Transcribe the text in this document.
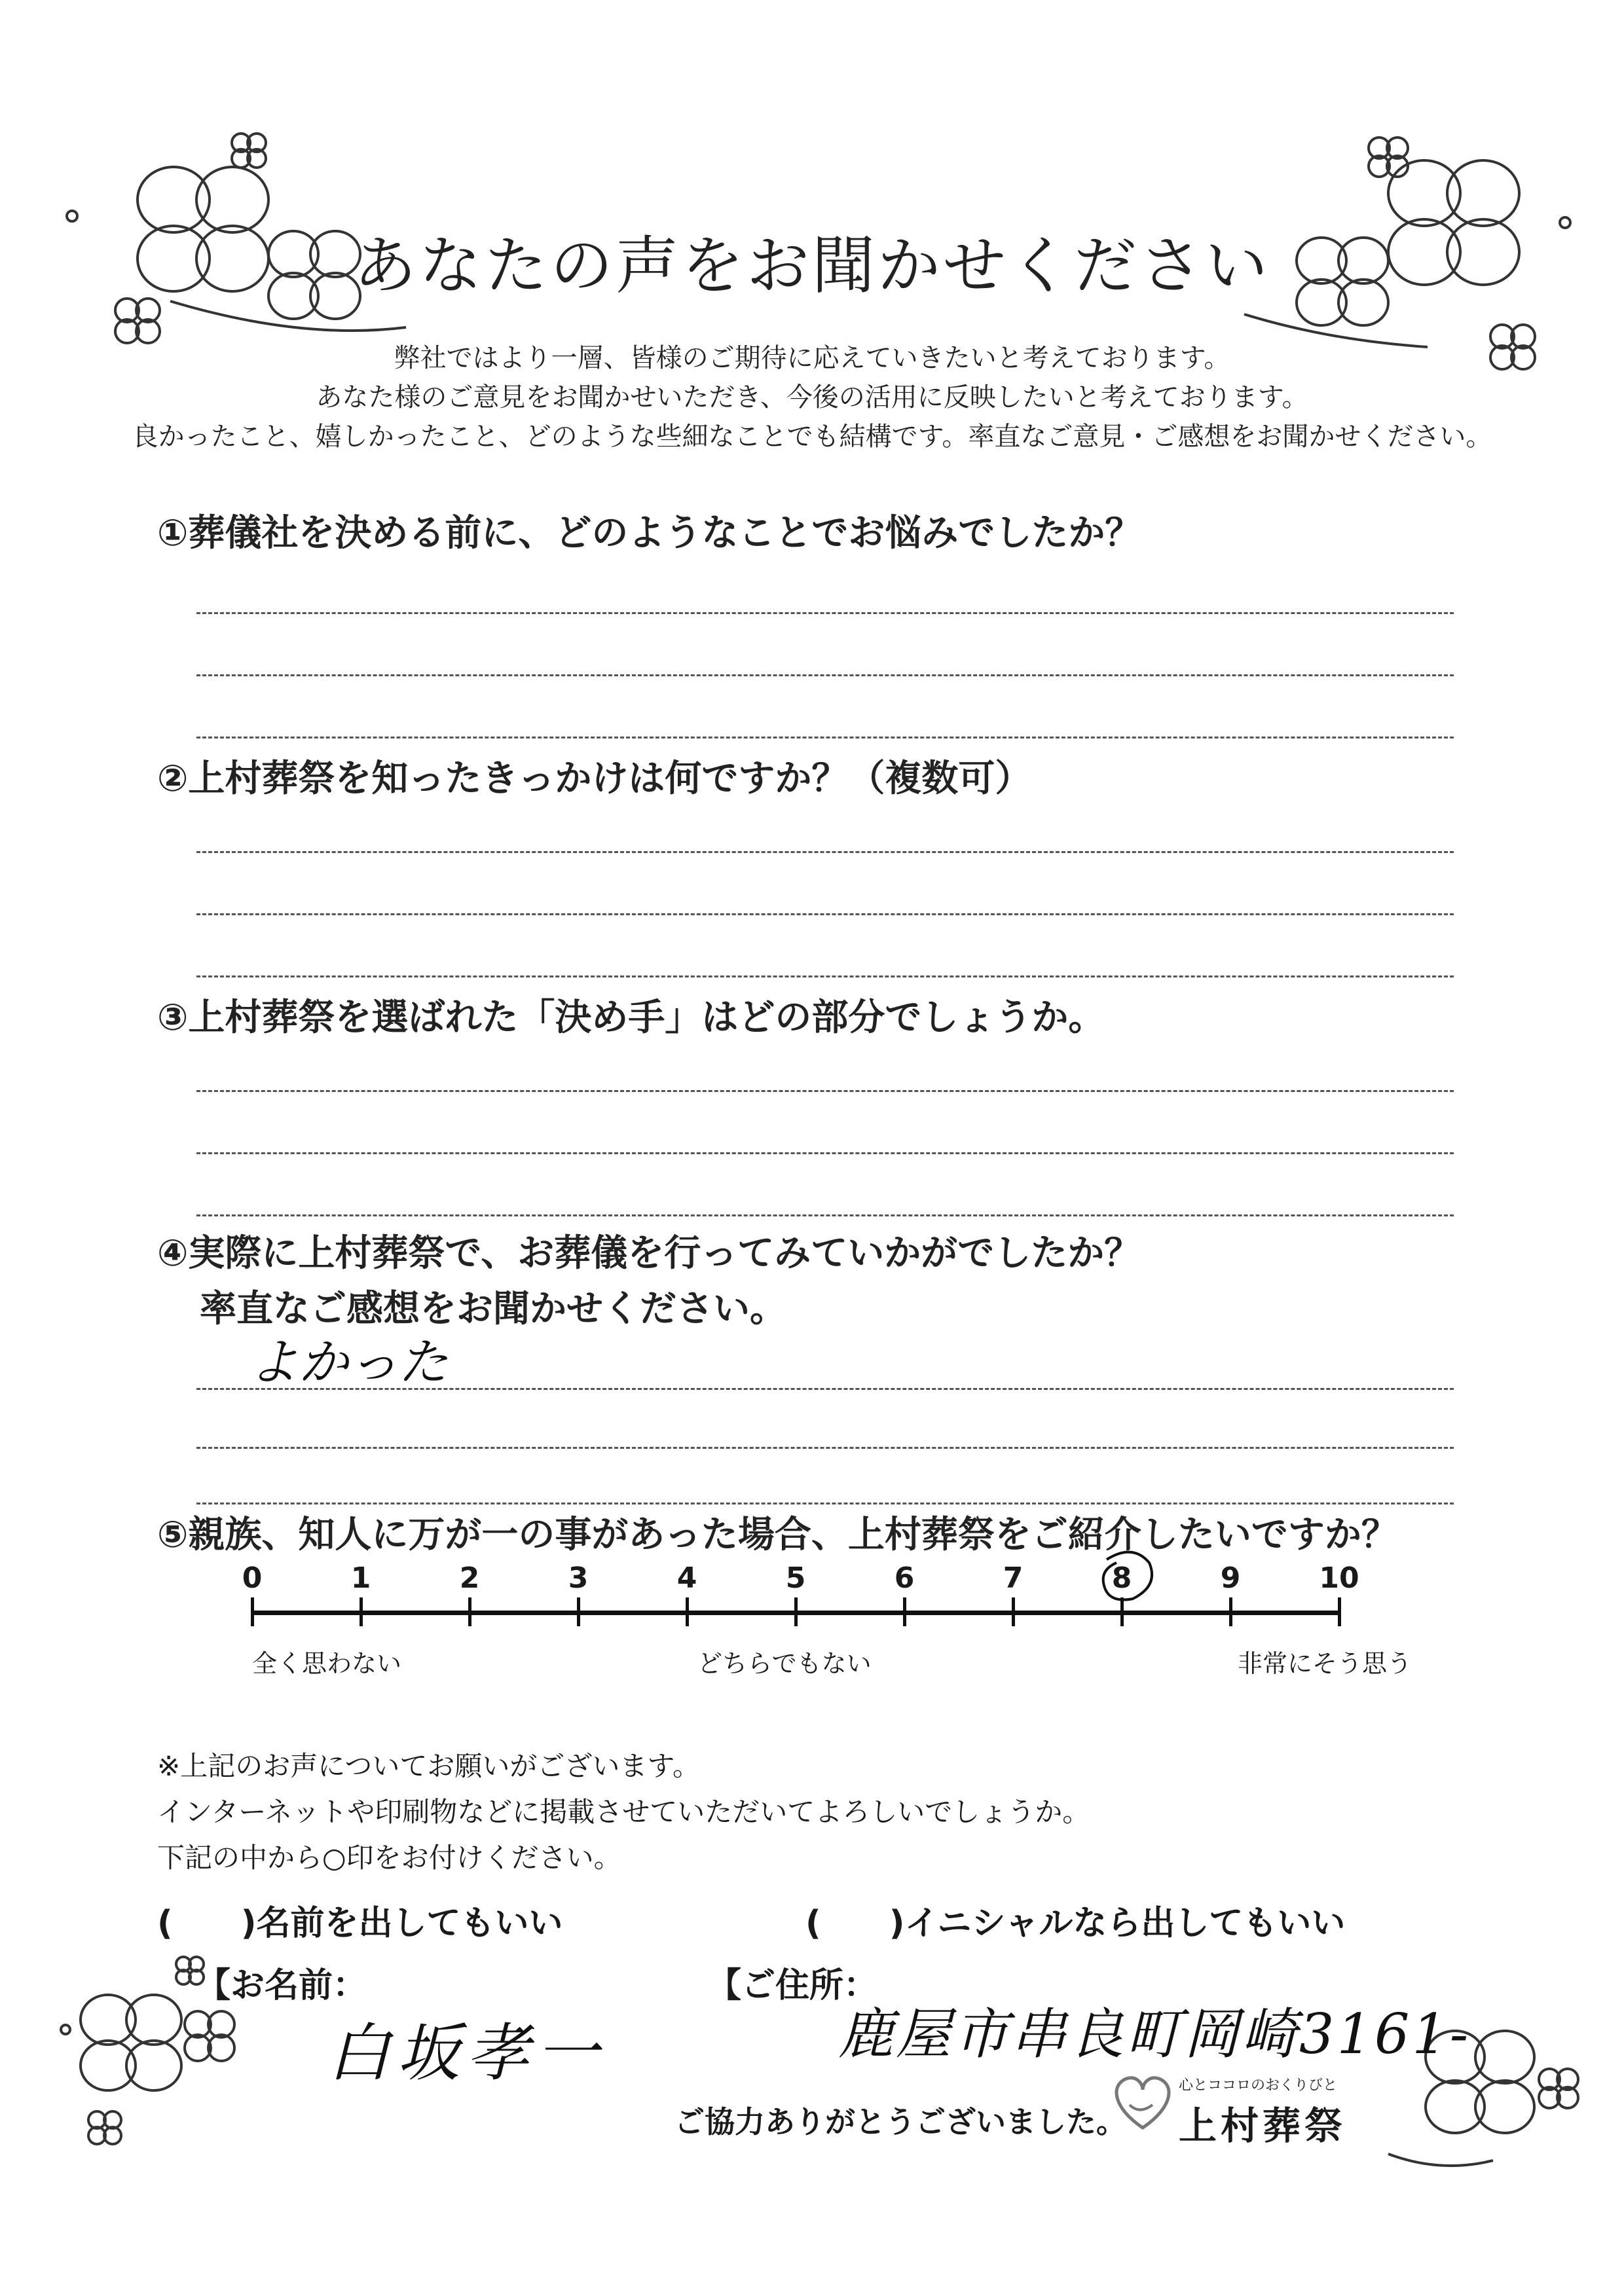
あなたの声をお聞かせください
弊社ではより一層、皆様のご期待に応えていきたいと考えております。
あなた様のご意見をお聞かせいただき、今後の活用に反映したいと考えております。
良かったこと、嬉しかったこと、どのような些細なことでも結構です。率直なご意見・ご感想をお聞かせください。
①葬儀社を決める前に、どのようなことでお悩みでしたか？
②上村葬祭を知ったきっかけは何ですか？（複数可）
③上村葬祭を選ばれた「決め手」はどの部分でしょうか。
④実際に上村葬祭で、お葬儀を行ってみていかがでしたか？
率直なご感想をお聞かせください。
よかった
⑤親族、知人に万が一の事があった場合、上村葬祭をご紹介したいですか？
0	1	2	3	4	5	6	7	8	9	10
全く思わない	どちらでもない	非常にそう思う
※上記のお声についてお願いがございます。
インターネットや印刷物などに掲載させていただいてよろしいでしょうか。
下記の中から○印をお付けください。
(　　)名前を出してもいい	(　　)イニシャルなら出してもいい
【お名前：
白坂孝一
【ご住所：
鹿屋市串良町岡崎3161-
ご協力ありがとうございました。
心とココロのおくりびと
上村葬祭
